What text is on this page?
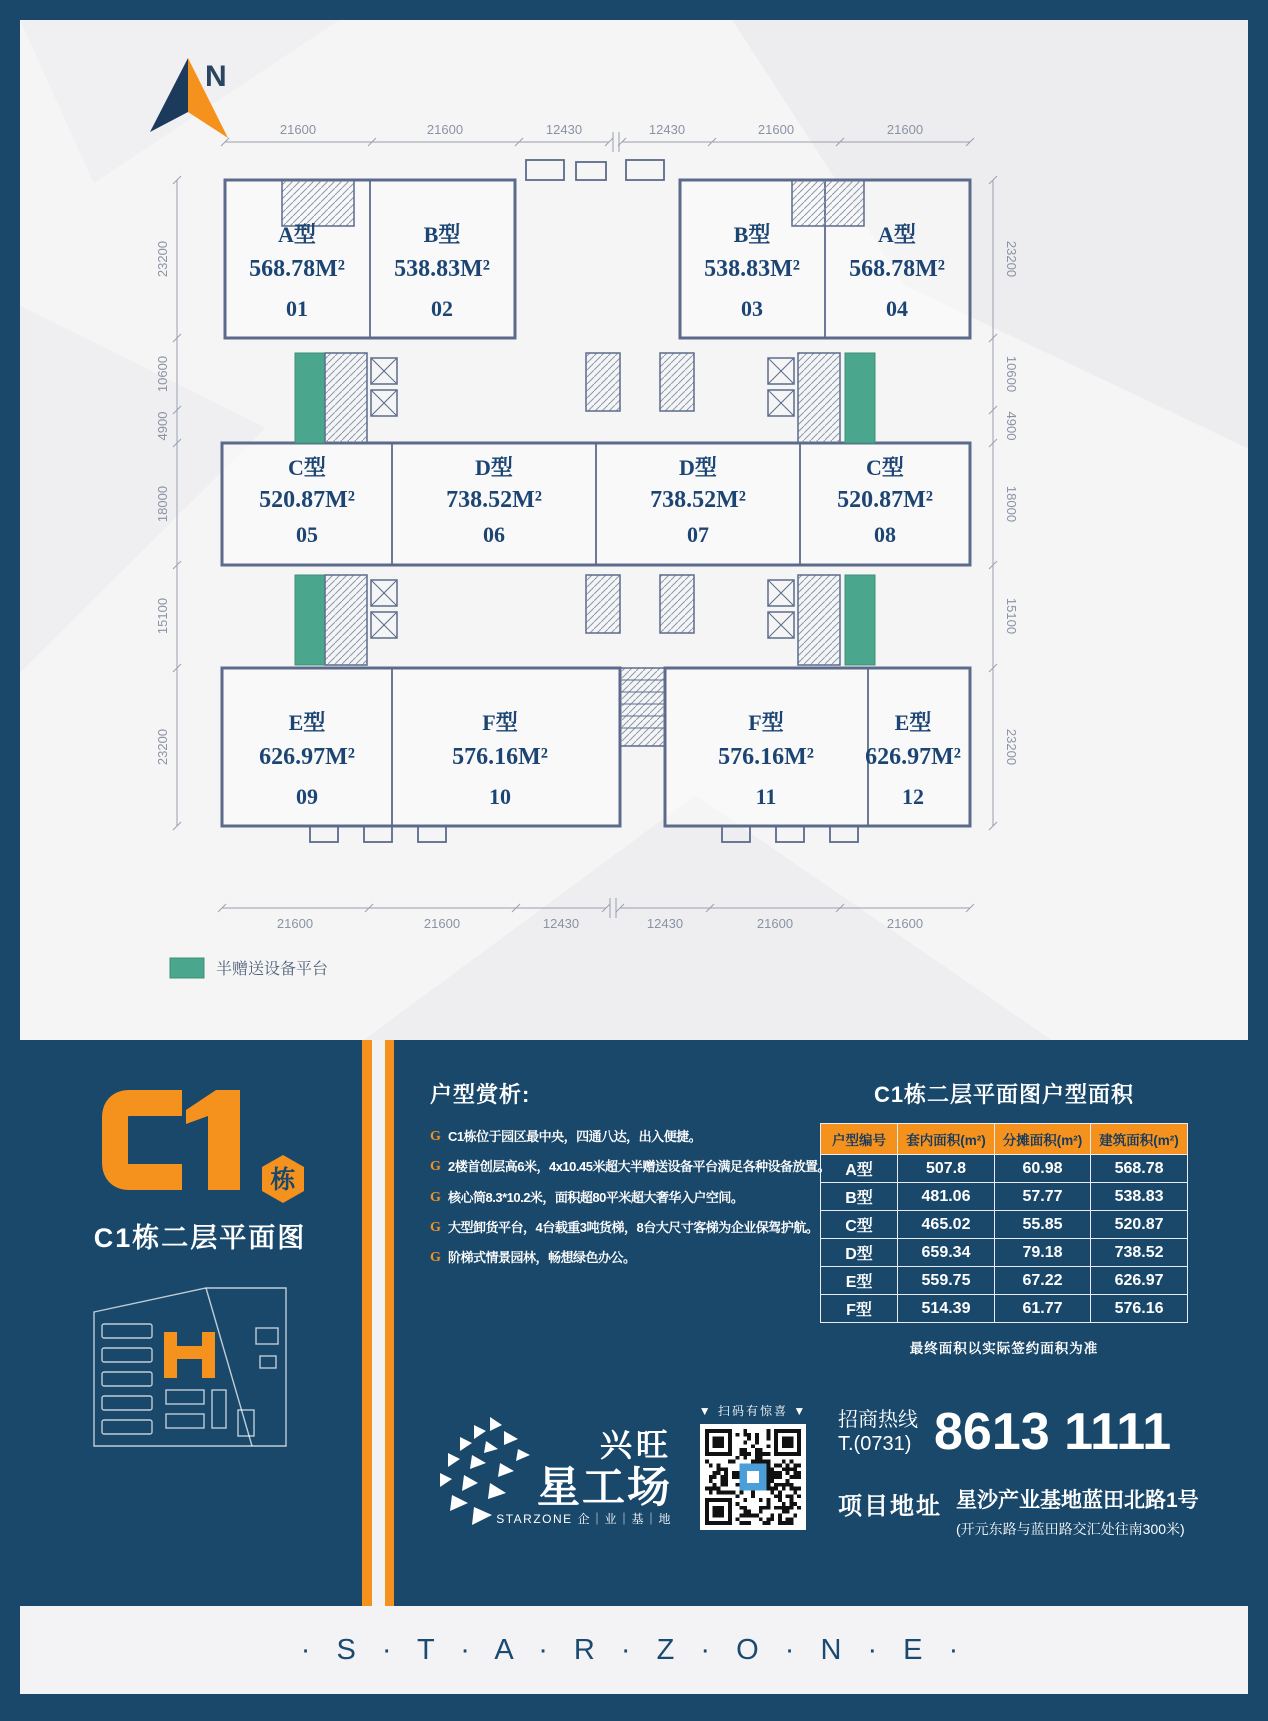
N
21600	21600	12430	12430	21600	21600
21600	21600	12430	12430	21600	21600
23200
10600
4900
18000
15100
23200
23200
10600
4900
18000
15100
23200
A型
568.78M²
01
B型
538.83M²
02
B型
538.83M²
03
A型
568.78M²
04
C型
520.87M²
05
D型
738.52M²
06
D型
738.52M²
07
C型
520.87M²
08
E型
626.97M²
09
F型
576.16M²
10
F型
576.16M²
11
E型
626.97M²
12
半赠送设备平台
栋
C1栋二层平面图
户型赏析:
G C1栋位于园区最中央，四通八达，出入便捷。
G 2楼首创层高6米，4x10.45米超大半赠送设备平台满足各种设备放置。
G 核心筒8.3*10.2米，面积超80平米超大奢华入户空间。
G 大型卸货平台，4台载重3吨货梯，8台大尺寸客梯为企业保驾护航。
G 阶梯式情景园林，畅想绿色办公。
C1栋二层平面图户型面积
户型编号	套内面积(m²)	分摊面积(m²)	建筑面积(m²)
A型	507.8	60.98	568.78
B型	481.06	57.77	538.83
C型	465.02	55.85	520.87
D型	659.34	79.18	738.52
E型	559.75	67.22	626.97
F型	514.39	61.77	576.16
最终面积以实际签约面积为准
兴旺
星工场
STARZONE 企｜业｜基｜地
▼ 扫码有惊喜 ▼ 招商热线
T.(0731) 8613 1111
项目地址 星沙产业基地蓝田北路1号
(开元东路与蓝田路交汇处往南300米)
· S · T · A · R · Z · O · N · E ·
